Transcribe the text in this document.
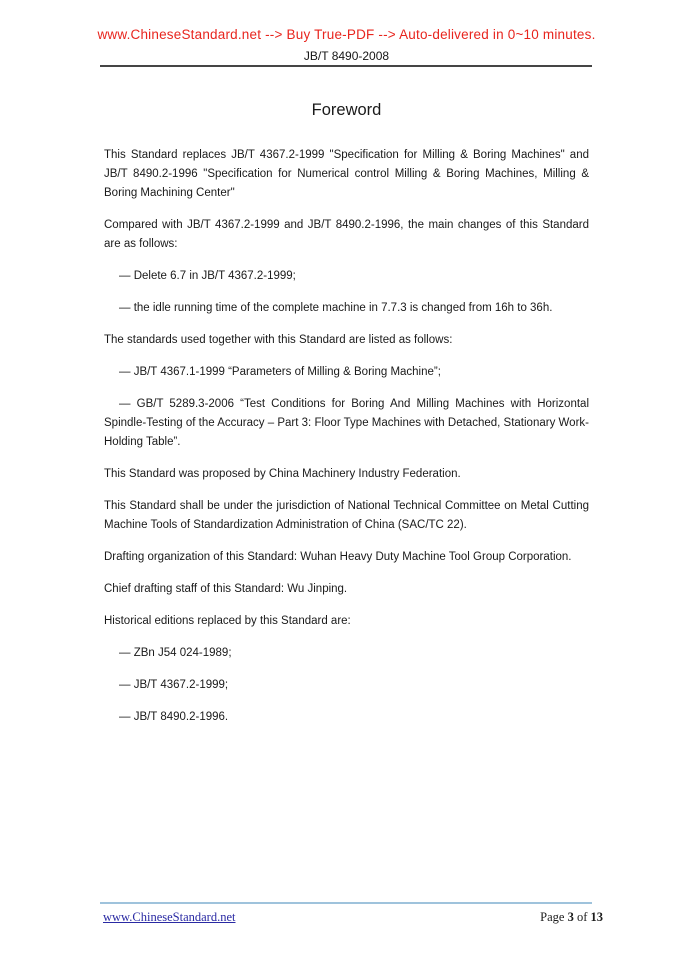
www.ChineseStandard.net --> Buy True-PDF --> Auto-delivered in 0~10 minutes.
JB/T 8490-2008
Foreword

This Standard replaces JB/T 4367.2-1999 "Specification for Milling & Boring Machines" and JB/T 8490.2-1996 "Specification for Numerical control Milling & Boring Machines, Milling & Boring Machining Center"

Compared with JB/T 4367.2-1999 and JB/T 8490.2-1996, the main changes of this Standard are as follows:

— Delete 6.7 in JB/T 4367.2-1999;

— the idle running time of the complete machine in 7.7.3 is changed from 16h to 36h.

The standards used together with this Standard are listed as follows:

— JB/T 4367.1-1999 “Parameters of Milling & Boring Machine”;

— GB/T 5289.3-2006 “Test Conditions for Boring And Milling Machines with Horizontal Spindle-Testing of the Accuracy – Part 3: Floor Type Machines with Detached, Stationary Work-Holding Table”.

This Standard was proposed by China Machinery Industry Federation.

This Standard shall be under the jurisdiction of National Technical Committee on Metal Cutting Machine Tools of Standardization Administration of China (SAC/TC 22).

Drafting organization of this Standard: Wuhan Heavy Duty Machine Tool Group Corporation.

Chief drafting staff of this Standard: Wu Jinping.

Historical editions replaced by this Standard are:

— ZBn J54 024-1989;

— JB/T 4367.2-1999;

— JB/T 8490.2-1996.

www.ChineseStandard.net	Page 3 of 13
